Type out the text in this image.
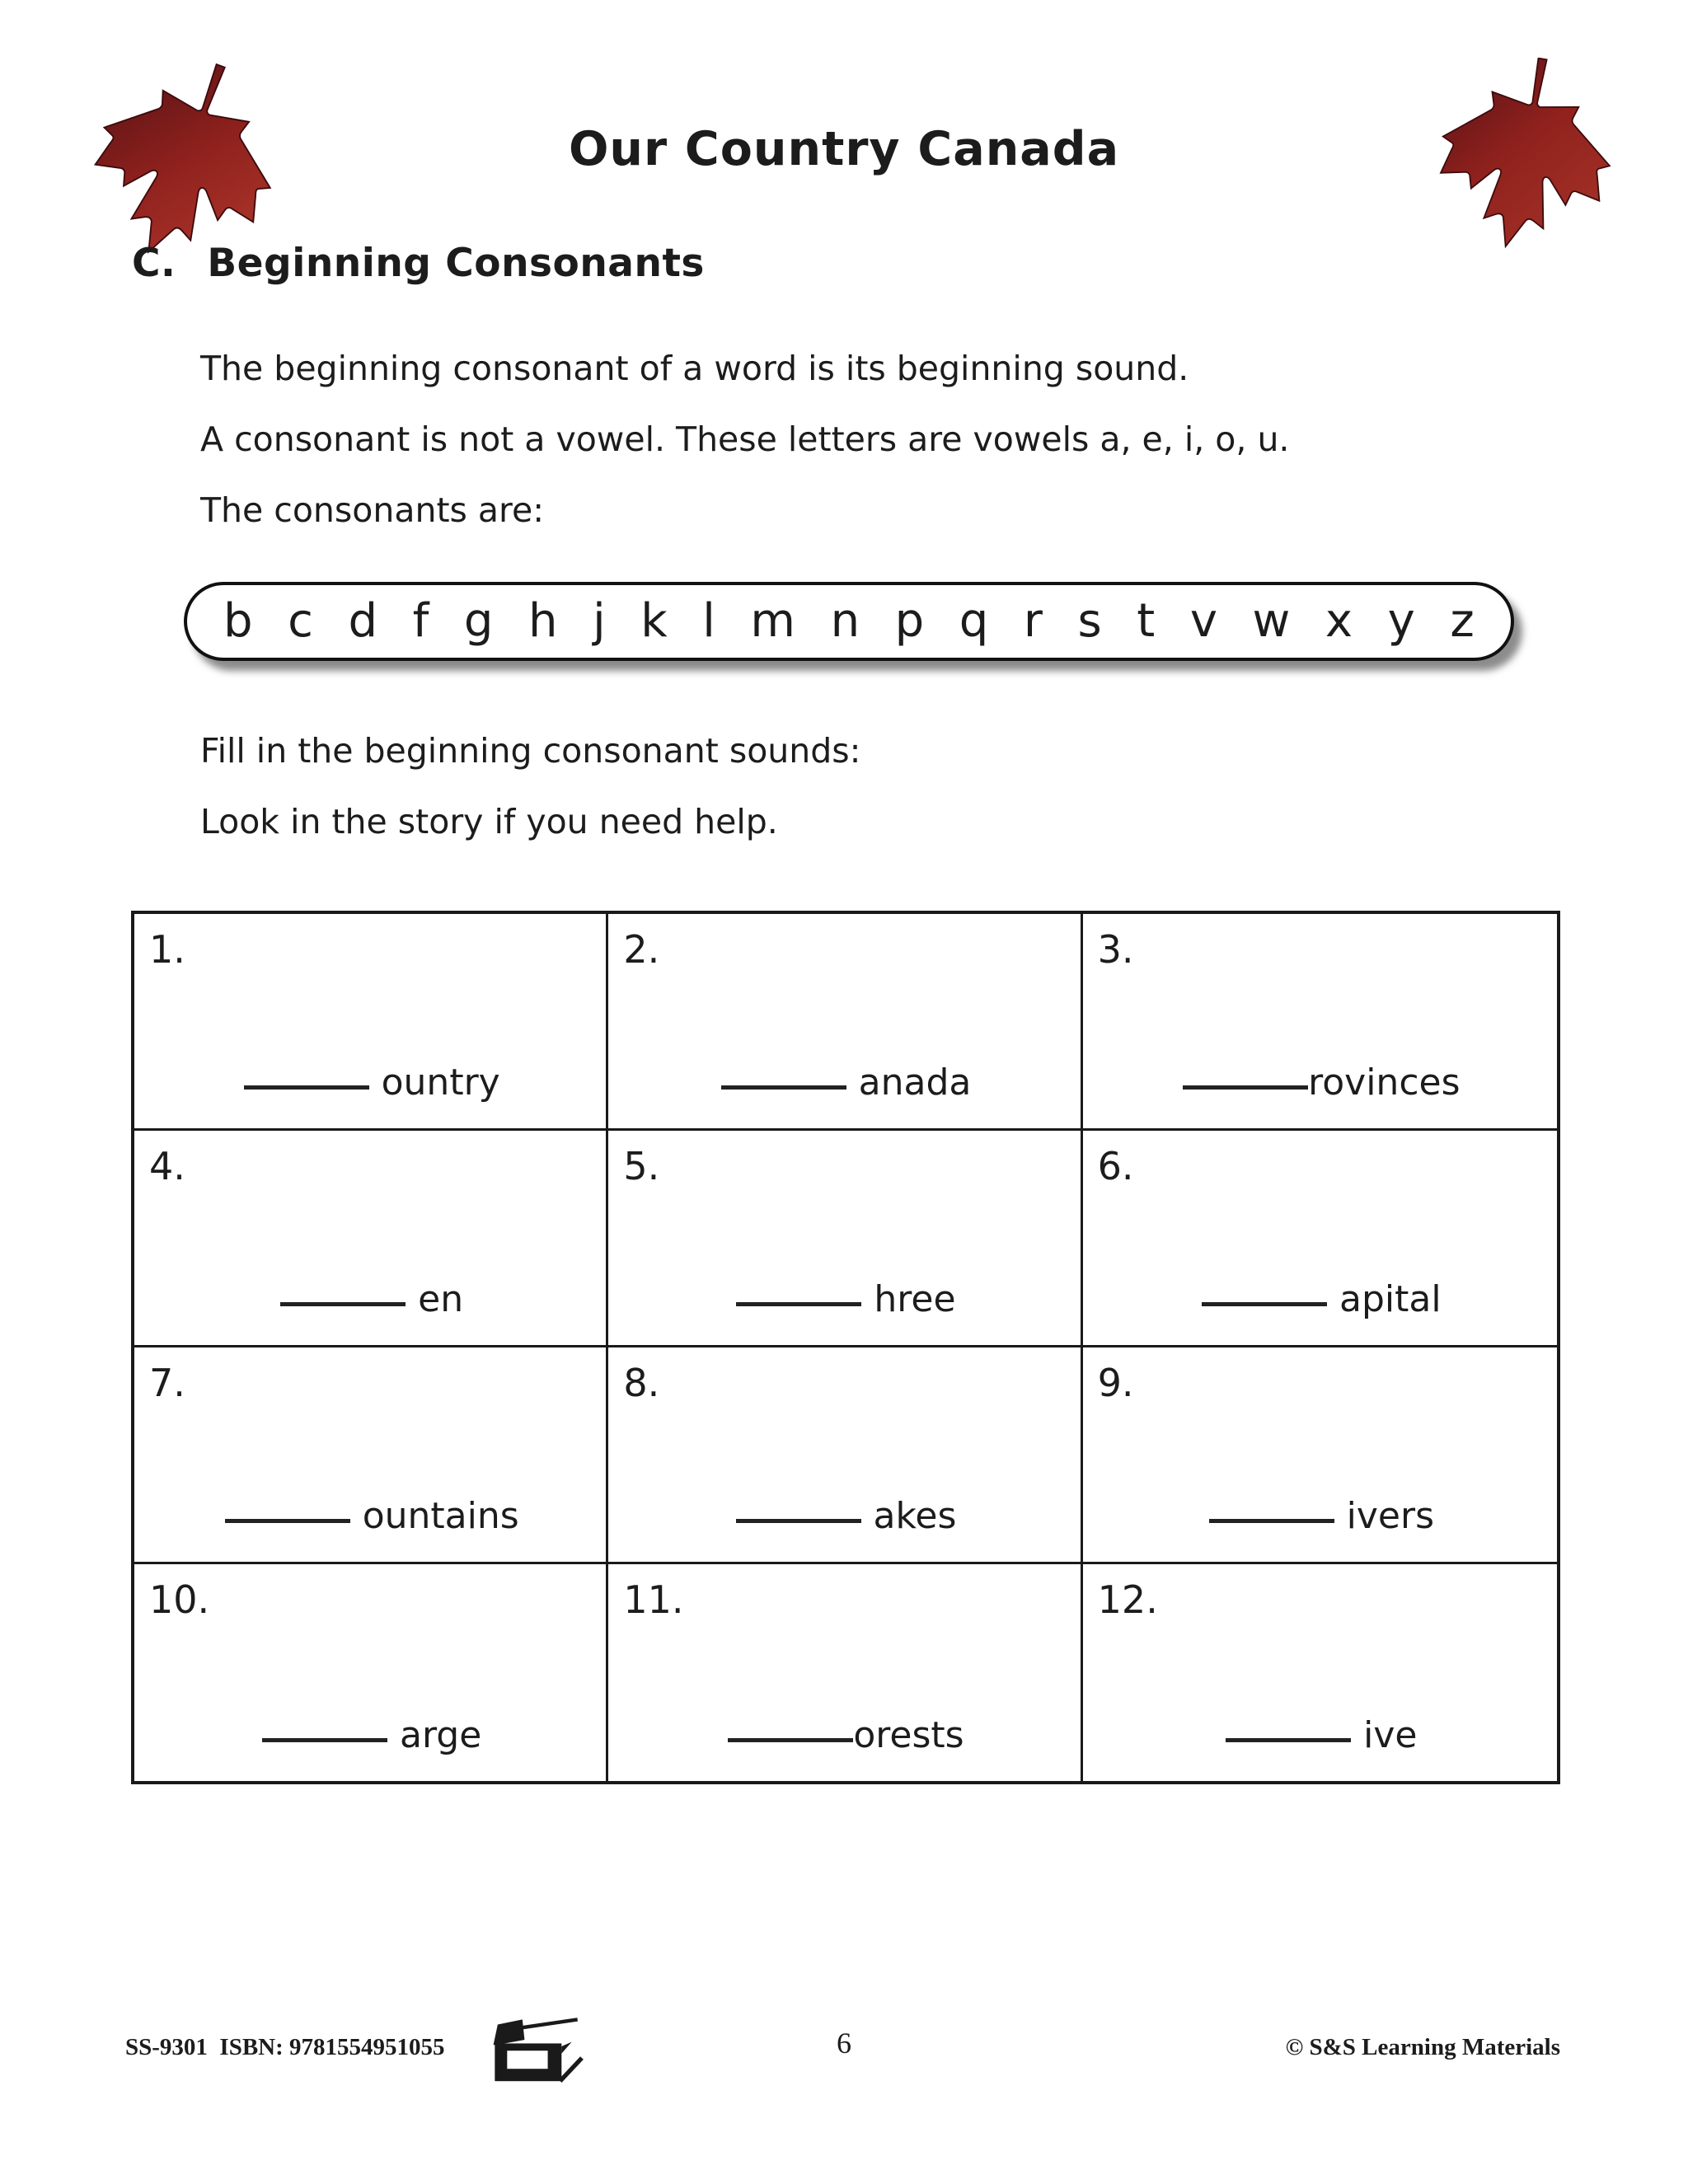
Our Country Canada
C. Beginning Consonants
The beginning consonant of a word is its beginning sound.
A consonant is not a vowel. These letters are vowels a, e, i, o, u.
The consonants are:
b c d f g h j k l m n p q r s t v w x y z
Fill in the beginning consonant sounds:
Look in the story if you need help.
1.
ountry
2.
anada
3.
rovinces
4.
en
5.
hree
6.
apital
7.
ountains
8.
akes
9.
ivers
10.
arge
11.
orests
12.
ive
SS-9301  ISBN: 9781554951055	6	© S&S Learning Materials
